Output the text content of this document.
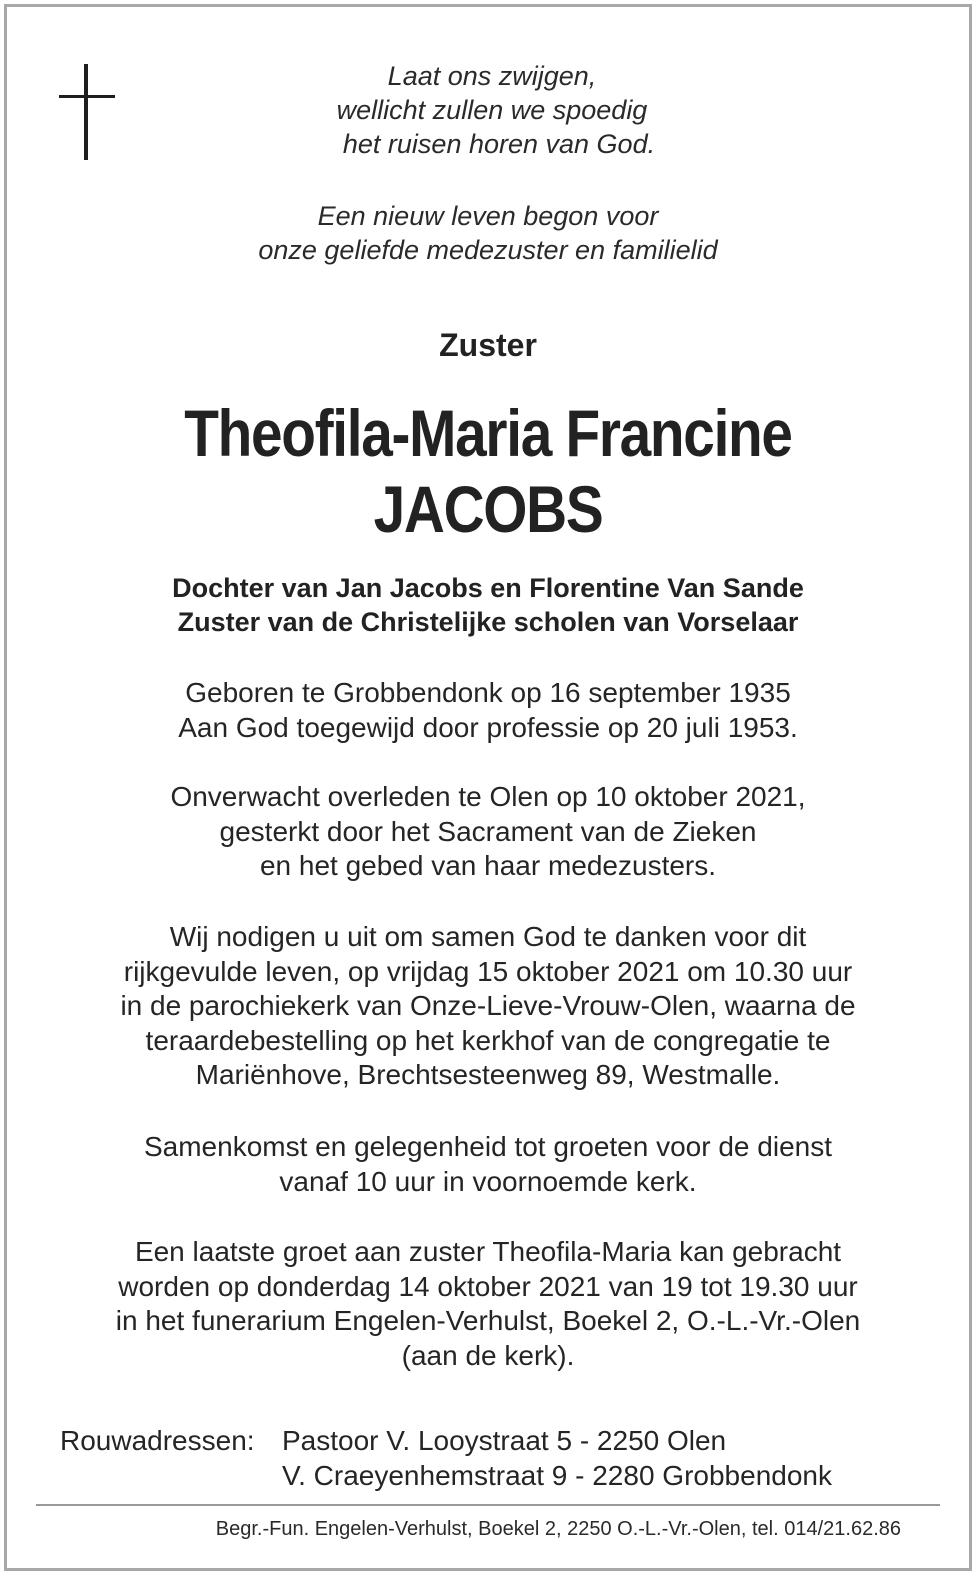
Laat ons zwijgen,
wellicht zullen we spoedig
het ruisen horen van God.
Een nieuw leven begon voor
onze geliefde medezuster en familielid
Zuster
Theofila-Maria Francine
JACOBS
Dochter van Jan Jacobs en Florentine Van Sande
Zuster van de Christelijke scholen van Vorselaar
Geboren te Grobbendonk op 16 september 1935
Aan God toegewijd door professie op 20 juli 1953.
Onverwacht overleden te Olen op 10 oktober 2021,
gesterkt door het Sacrament van de Zieken
en het gebed van haar medezusters.
Wij nodigen u uit om samen God te danken voor dit
rijkgevulde leven, op vrijdag 15 oktober 2021 om 10.30 uur
in de parochiekerk van Onze-Lieve-Vrouw-Olen, waarna de
teraardebestelling op het kerkhof van de congregatie te
Mariënhove, Brechtsesteenweg 89, Westmalle.
Samenkomst en gelegenheid tot groeten voor de dienst
vanaf 10 uur in voornoemde kerk.
Een laatste groet aan zuster Theofila-Maria kan gebracht
worden op donderdag 14 oktober 2021 van 19 tot 19.30 uur
in het funerarium Engelen-Verhulst, Boekel 2, O.-L.-Vr.-Olen
(aan de kerk).
Rouwadressen: Pastoor V. Looystraat 5 - 2250 Olen
V. Craeyenhemstraat 9 - 2280 Grobbendonk
Begr.-Fun. Engelen-Verhulst, Boekel 2, 2250 O.-L.-Vr.-Olen, tel. 014/21.62.86
